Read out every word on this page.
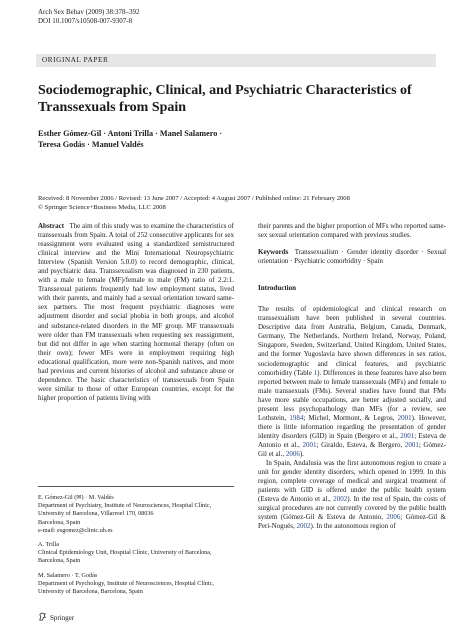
Arch Sex Behav (2009) 38:378–392
DOI 10.1007/s10508-007-9307-8
ORIGINAL PAPER
Sociodemographic, Clinical, and Psychiatric Characteristics of Transsexuals from Spain
Esther Gómez-Gil · Antoni Trilla · Manel Salamero ·
Teresa Godás · Manuel Valdés
Received: 8 November 2006 / Revised: 13 June 2007 / Accepted: 4 August 2007 / Published online: 21 February 2008
© Springer Science+Business Media, LLC 2008

Abstract The aim of this study was to examine the characteristics of transsexuals from Spain. A total of 252 consecutive applicants for sex reassignment were evaluated using a standardized semistructured clinical interview and the Mini International Neuropsychiatric Interview (Spanish Version 5.0.0) to record demographic, clinical, and psychiatric data. Transsexualism was diagnosed in 230 patients, with a male to female (MF)/female to male (FM) ratio of 2.2:1. Transsexual patients frequently had low employment status, lived with their parents, and mainly had a sexual orientation toward same-sex partners. The most frequent psychiatric diagnoses were adjustment disorder and social phobia in both groups, and alcohol and substance-related disorders in the MF group. MF transsexuals were older than FM transsexuals when requesting sex reassignment, but did not differ in age when starting hormonal therapy (often on their own); fewer MFs were in employment requiring high educational qualification, more were non-Spanish natives, and more had previous and current histories of alcohol and substance abuse or dependence. The basic characteristics of transsexuals from Spain were similar to those of other European countries, except for the higher proportion of patients living with

their parents and the higher proportion of MFs who reported same-sex sexual orientation compared with previous studies.

Keywords Transsexualism · Gender identity disorder · Sexual orientation · Psychiatric comorbidity · Spain

Introduction

The results of epidemiological and clinical research on transsexualism have been published in several countries. Descriptive data from Australia, Belgium, Canada, Denmark, Germany, The Netherlands, Northern Ireland, Norway, Poland, Singapore, Sweden, Switzerland, United Kingdom, United States, and the former Yugoslavia have shown differences in sex ratios, sociodemographic and clinical features, and psychiatric comorbidity (Table 1). Differences in these features have also been reported between male to female transsexuals (MFs) and female to male transsexuals (FMs). Several studies have found that FMs have more stable occupations, are better adjusted socially, and present less psychopathology than MFs (for a review, see Lothstein, 1984; Michel, Mormont, & Legros, 2001). However, there is little information regarding the presentation of gender identity disorders (GID) in Spain (Bergero et al., 2001; Esteva de Antonio et al., 2001; Giraldo, Esteva, & Bergero, 2001; Gómez-Gil et al., 2006).

In Spain, Andalusia was the first autonomous region to create a unit for gender identity disorders, which opened in 1999. In this region, complete coverage of medical and surgical treatment of patients with GID is offered under the public health system (Esteva de Antonio et al., 2002). In the rest of Spain, the costs of surgical procedures are not currently covered by the public health system (Gómez-Gil & Esteva de Antonio, 2006; Gómez-Gil & Peri-Nogués, 2002). In the autonomous region of

E. Gómez-Gil (✉) · M. Valdés
Department of Psychiatry, Institute of Neurosciences, Hospital Clínic, University of Barcelona, Villarroel 170, 08036
Barcelona, Spain
e-mail: esgomez@clinic.ub.es
A. Trilla
Clinical Epidemiology Unit, Hospital Clínic, University of Barcelona, Barcelona, Spain
M. Salamero · T. Godás
Department of Psychology, Institute of Neurosciences, Hospital Clínic, University of Barcelona, Barcelona, Spain
Springer
